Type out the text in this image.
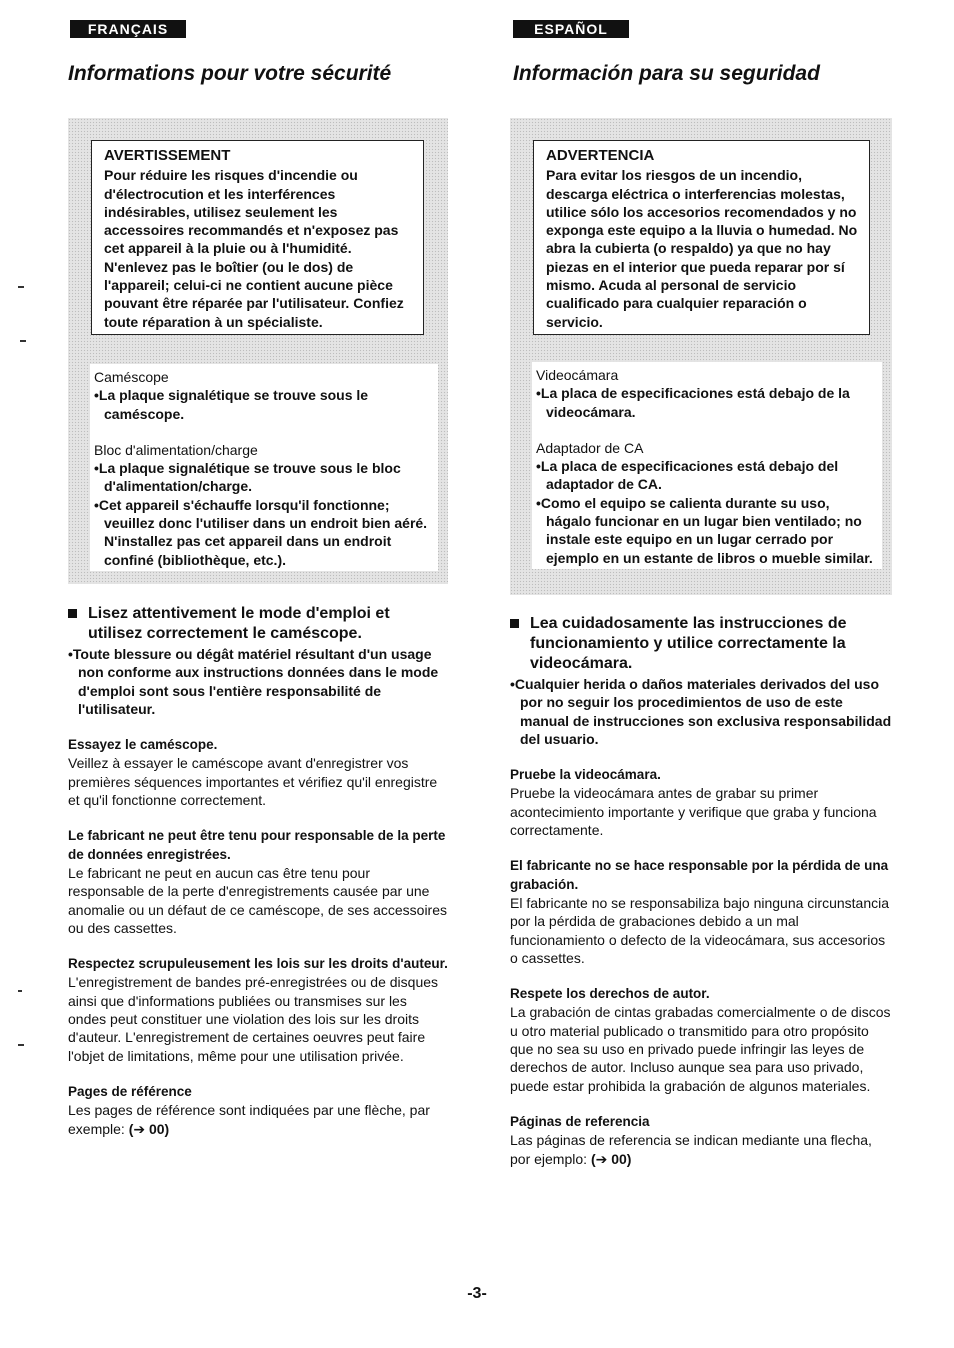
FRANÇAIS
Informations pour votre sécurité
AVERTISSEMENT
Pour réduire les risques d'incendie ou d'électrocution et les interférences indésirables, utilisez seulement les accessoires recommandés et n'exposez pas cet appareil à la pluie ou à l'humidité. N'enlevez pas le boîtier (ou le dos) de l'appareil; celui-ci ne contient aucune pièce pouvant être réparée par l'utilisateur. Confiez toute réparation à un spécialiste.
Caméscope
•La plaque signalétique se trouve sous le caméscope.
Bloc d'alimentation/charge
•La plaque signalétique se trouve sous le bloc d'alimentation/charge.
•Cet appareil s'échauffe lorsqu'il fonctionne; veuillez donc l'utiliser dans un endroit bien aéré. N'installez pas cet appareil dans un endroit confiné (bibliothèque, etc.).
Lisez attentivement le mode d'emploi et utilisez correctement le caméscope.
•Toute blessure ou dégât matériel résultant d'un usage non conforme aux instructions données dans le mode d'emploi sont sous l'entière responsabilité de l'utilisateur.
Essayez le caméscope.
Veillez à essayer le caméscope avant d'enregistrer vos premières séquences importantes et vérifiez qu'il enregistre et qu'il fonctionne correctement.
Le fabricant ne peut être tenu pour responsable de la perte de données enregistrées.
Le fabricant ne peut en aucun cas être tenu pour responsable de la perte d'enregistrements causée par une anomalie ou un défaut de ce caméscope, de ses accessoires ou des cassettes.
Respectez scrupuleusement les lois sur les droits d'auteur.
L'enregistrement de bandes pré-enregistrées ou de disques ainsi que d'informations publiées ou transmises sur les ondes peut constituer une violation des lois sur les droits d'auteur. L'enregistrement de certaines oeuvres peut faire l'objet de limitations, même pour une utilisation privée.
Pages de référence
Les pages de référence sont indiquées par une flèche, par exemple: (➔ 00)
ESPAÑOL
Información para su seguridad
ADVERTENCIA
Para evitar los riesgos de un incendio, descarga eléctrica o interferencias molestas, utilice sólo los accesorios recomendados y no exponga este equipo a la lluvia o humedad. No abra la cubierta (o respaldo) ya que no hay piezas en el interior que pueda reparar por sí mismo. Acuda al personal de servicio cualificado para cualquier reparación o servicio.
Videocámara
•La placa de especificaciones está debajo de la videocámara.
Adaptador de CA
•La placa de especificaciones está debajo del adaptador de CA.
•Como el equipo se calienta durante su uso, hágalo funcionar en un lugar bien ventilado; no instale este equipo en un lugar cerrado por ejemplo en un estante de libros o mueble similar.
Lea cuidadosamente las instrucciones de funcionamiento y utilice correctamente la videocámara.
•Cualquier herida o daños materiales derivados del uso por no seguir los procedimientos de uso de este manual de instrucciones son exclusiva responsabilidad del usuario.
Pruebe la videocámara.
Pruebe la videocámara antes de grabar su primer acontecimiento importante y verifique que graba y funciona correctamente.
El fabricante no se hace responsable por la pérdida de una grabación.
El fabricante no se responsabiliza bajo ninguna circunstancia por la pérdida de grabaciones debido a un mal funcionamiento o defecto de la videocámara, sus accesorios o cassettes.
Respete los derechos de autor.
La grabación de cintas grabadas comercialmente o de discos u otro material publicado o transmitido para otro propósito que no sea su uso en privado puede infringir las leyes de derechos de autor. Incluso aunque sea para uso privado, puede estar prohibida la grabación de algunos materiales.
Páginas de referencia
Las páginas de referencia se indican mediante una flecha, por ejemplo: (➔ 00)
-3-
